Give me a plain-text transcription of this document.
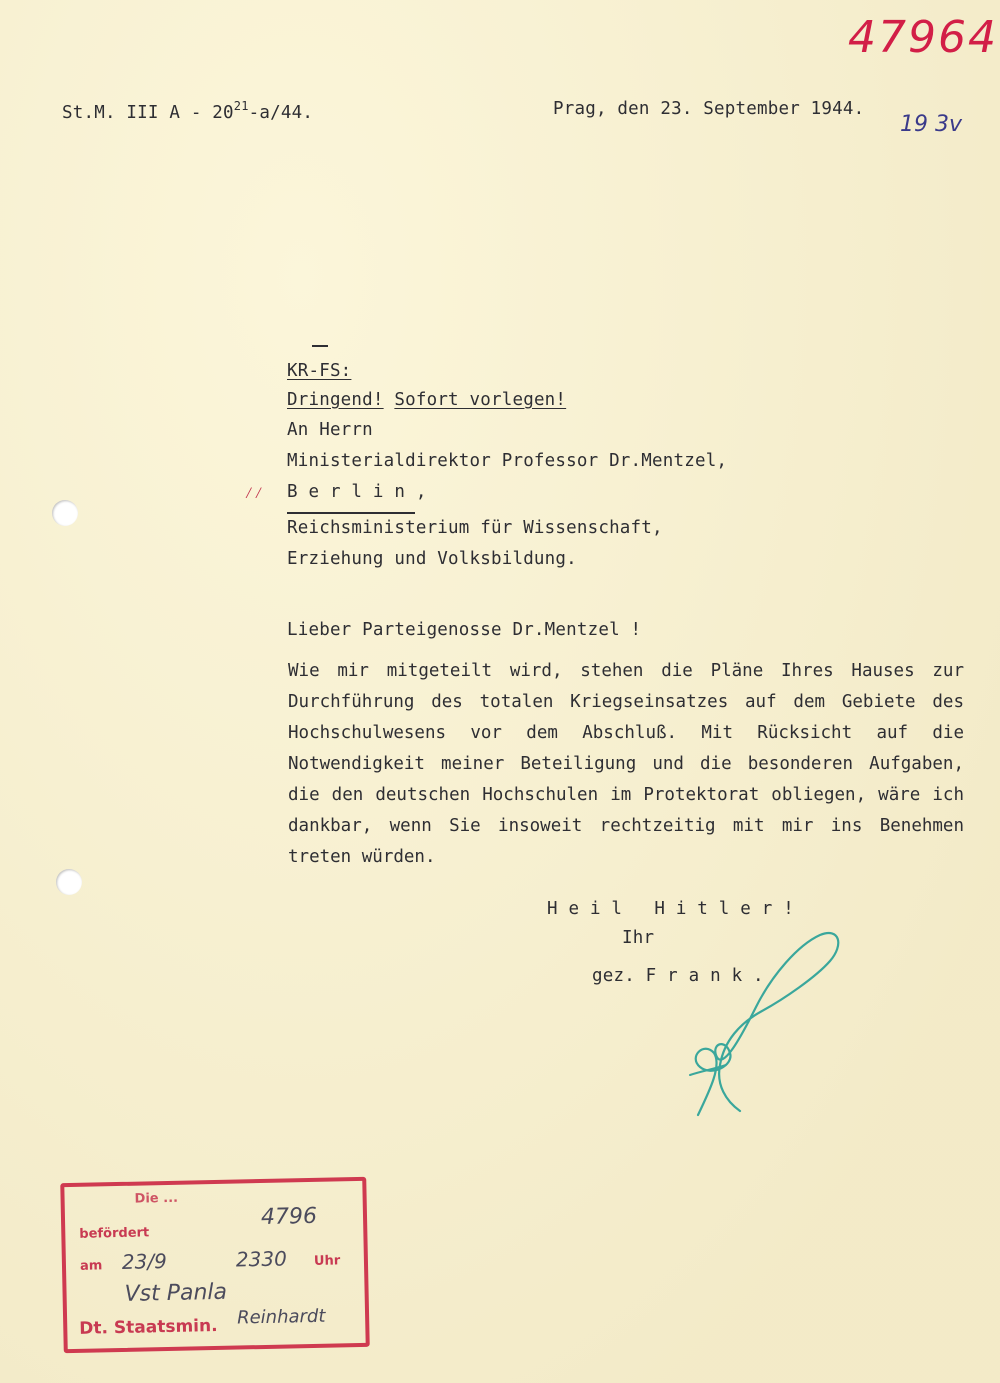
47964
19 3v
St.M. III A - $20^{21}-a/44$.	Prag, den 23. September 1944.
KR-FS:
Dringend! Sofort vorlegen!
An Herrn
Ministerialdirektor Professor Dr.Mentzel,
⁄⁄ B e r l i n ,
Reichsministerium für Wissenschaft,
Erziehung und Volksbildung.
Lieber Parteigenosse Dr.Mentzel !
Wie mir mitgeteilt wird, stehen die Pläne Ihres Hauses zur Durchführung des totalen Kriegseinsatzes auf dem Gebiete des Hochschulwesens vor dem Abschluß. Mit Rücksicht auf die Notwendigkeit meiner Beteiligung und die besonderen Aufgaben, die den deutschen Hochschulen im Protektorat obliegen, wäre ich dankbar, wenn Sie insoweit rechtzeitig mit mir ins Benehmen treten würden.
H e i l   H i t l e r !
Ihr
gez. F r a n k .
Die ...
befördert
4796
am 23/9	2330 Uhr
Vst Panla
Dt. Staatsmin. Reinhardt
